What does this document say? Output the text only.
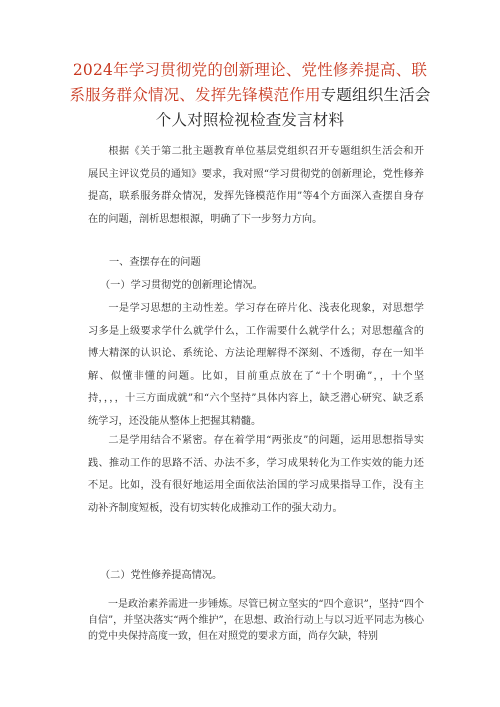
2024年学习贯彻党的创新理论、党性修养提高、联
系服务群众情况、发挥先锋模范作用专题组织生活会
个人对照检视检查发言材料
根据《关于第二批主题教育单位基层党组织召开专题组织生活会和开展民主评议党员的通知》要求，我对照“学习贯彻党的创新理论，党性修养提高，联系服务群众情况，发挥先锋模范作用”等4个方面深入查摆自身存在的问题，剖析思想根源，明确了下一步努力方向。
一、查摆存在的问题
（一）学习贯彻党的创新理论情况。
一是学习思想的主动性差。学习存在碎片化、浅表化现象，对思想学习多是上级要求学什么就学什么，工作需要什么就学什么；对思想蕴含的博大精深的认识论、系统论、方法论理解得不深刻、不透彻，存在一知半解、似懂非懂的问题。比如，目前重点放在了“十个明确”，，十个坚持，，，，十三方面成就”和“六个坚持”具体内容上，缺乏潜心研究、缺乏系统学习，还没能从整体上把握其精髓。
二是学用结合不紧密。存在着学用“两张皮”的问题，运用思想指导实践、推动工作的思路不活、办法不多，学习成果转化为工作实效的能力还不足。比如，没有很好地运用全面依法治国的学习成果指导工作，没有主动补齐制度短板，没有切实转化成推动工作的强大动力。
（二）党性修养提高情况。
一是政治素养需进一步锤炼。尽管已树立坚实的“四个意识”，坚持“四个自信”，并坚决落实“两个维护”，在思想、政治行动上与以习近平同志为核心的党中央保持高度一致，但在对照党的要求方面，尚存欠缺，特别
